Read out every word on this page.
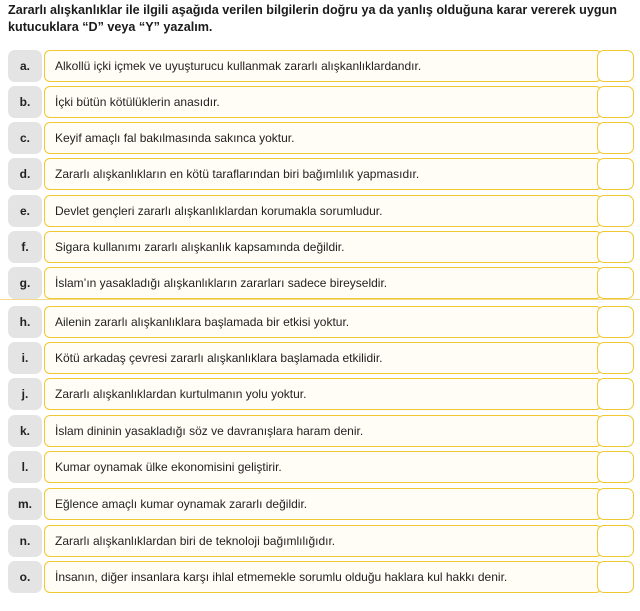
Zararlı alışkanlıklar ile ilgili aşağıda verilen bilgilerin doğru ya da yanlış olduğuna karar vererek uygun kutucuklara “D” veya “Y” yazalım.
a.	Alkollü içki içmek ve uyuşturucu kullanmak zararlı alışkanlıklardandır.
b.	İçki bütün kötülüklerin anasıdır.
c.	Keyif amaçlı fal bakılmasında sakınca yoktur.
d.	Zararlı alışkanlıkların en kötü taraflarından biri bağımlılık yapmasıdır.
e.	Devlet gençleri zararlı alışkanlıklardan korumakla sorumludur.
f.	Sigara kullanımı zararlı alışkanlık kapsamında değildir.
g.	İslam’ın yasakladığı alışkanlıkların zararları sadece bireyseldir.
h.	Ailenin zararlı alışkanlıklara başlamada bir etkisi yoktur.
i.	Kötü arkadaş çevresi zararlı alışkanlıklara başlamada etkilidir.
j.	Zararlı alışkanlıklardan kurtulmanın yolu yoktur.
k.	İslam dininin yasakladığı söz ve davranışlara haram denir.
l.	Kumar oynamak ülke ekonomisini geliştirir.
m.	Eğlence amaçlı kumar oynamak zararlı değildir.
n.	Zararlı alışkanlıklardan biri de teknoloji bağımlılığıdır.
o.	İnsanın, diğer insanlara karşı ihlal etmemekle sorumlu olduğu haklara kul hakkı denir.
